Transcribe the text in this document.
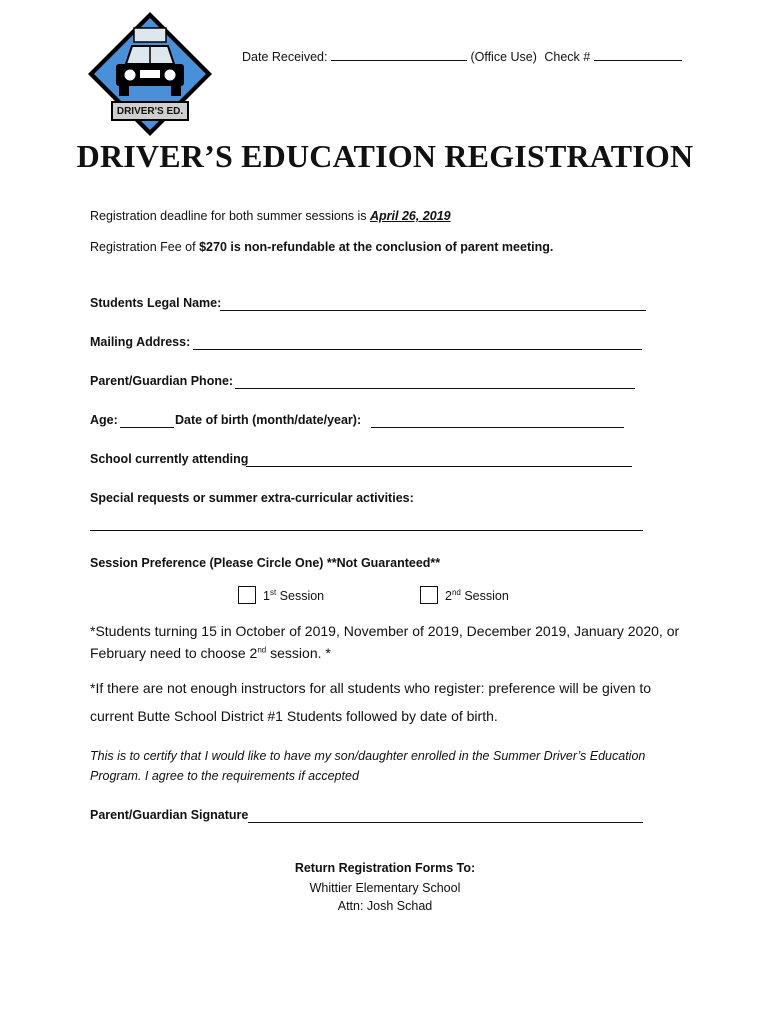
DRIVER'S ED.
Date Received:	(Office Use) Check #
DRIVER’S EDUCATION REGISTRATION
Registration deadline for both summer sessions is April 26, 2019
Registration Fee of $270 is non-refundable at the conclusion of parent meeting.
Students Legal Name:
Mailing Address:
Parent/Guardian Phone:
Age:	Date of birth (month/date/year):
School currently attending
Special requests or summer extra-curricular activities:
Session Preference (Please Circle One) **Not Guaranteed**
1st Session	2nd Session
*Students turning 15 in October of 2019, November of 2019, December 2019, January 2020, or
February need to choose 2nd session. *
*If there are not enough instructors for all students who register: preference will be given to
current Butte School District #1 Students followed by date of birth.
This is to certify that I would like to have my son/daughter enrolled in the Summer Driver’s Education
Program. I agree to the requirements if accepted
Parent/Guardian Signature
Return Registration Forms To:
Whittier Elementary School
Attn: Josh Schad
